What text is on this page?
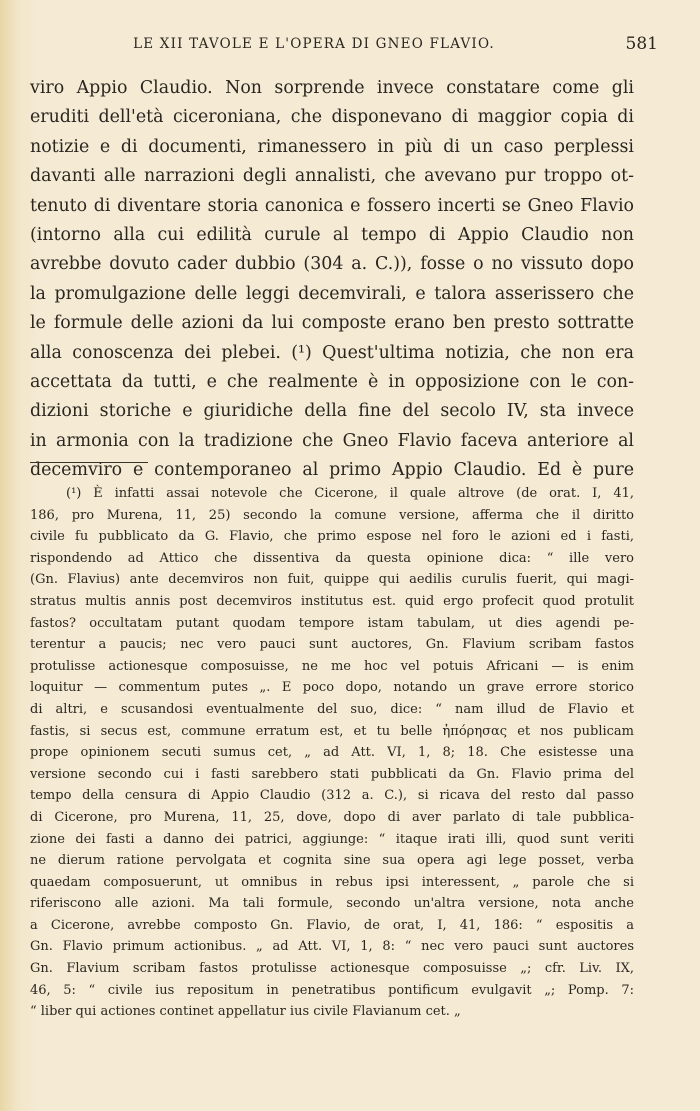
LE XII TAVOLE E L'OPERA DI GNEO FLAVIO.	581
viro Appio Claudio. Non sorprende invece constatare come gli
eruditi dell'età ciceroniana, che disponevano di maggior copia di
notizie e di documenti, rimanessero in più di un caso perplessi
davanti alle narrazioni degli annalisti, che avevano pur troppo ot-
tenuto di diventare storia canonica e fossero incerti se Gneo Flavio
(intorno alla cui edilità curule al tempo di Appio Claudio non
avrebbe dovuto cader dubbio (304 a. C.)), fosse o no vissuto dopo
la promulgazione delle leggi decemvirali, e talora asserissero che
le formule delle azioni da lui composte erano ben presto sottratte
alla conoscenza dei plebei. (¹) Quest'ultima notizia, che non era
accettata da tutti, e che realmente è in opposizione con le con-
dizioni storiche e giuridiche della fine del secolo IV, sta invece
in armonia con la tradizione che Gneo Flavio faceva anteriore al
decemviro e contemporaneo al primo Appio Claudio. Ed è pure
(¹) È infatti assai notevole che Cicerone, il quale altrove (de orat. I, 41,
186, pro Murena, 11, 25) secondo la comune versione, afferma che il diritto
civile fu pubblicato da G. Flavio, che primo espose nel foro le azioni ed i fasti,
rispondendo ad Attico che dissentiva da questa opinione dica: “ ille vero
(Gn. Flavius) ante decemviros non fuit, quippe qui aedilis curulis fuerit, qui magi-
stratus multis annis post decemviros institutus est. quid ergo profecit quod protulit
fastos? occultatam putant quodam tempore istam tabulam, ut dies agendi pe-
terentur a paucis; nec vero pauci sunt auctores, Gn. Flavium scribam fastos
protulisse actionesque composuisse, ne me hoc vel potuis Africani — is enim
loquitur — commentum putes „. E poco dopo, notando un grave errore storico
di altri, e scusandosi eventualmente del suo, dice: “ nam illud de Flavio et
fastis, si secus est, commune erratum est, et tu belle ἠπόρησας et nos publicam
prope opinionem secuti sumus cet, „ ad Att. VI, 1, 8; 18. Che esistesse una
versione secondo cui i fasti sarebbero stati pubblicati da Gn. Flavio prima del
tempo della censura di Appio Claudio (312 a. C.), si ricava del resto dal passo
di Cicerone, pro Murena, 11, 25, dove, dopo di aver parlato di tale pubblica-
zione dei fasti a danno dei patrici, aggiunge: “ itaque irati illi, quod sunt veriti
ne dierum ratione pervolgata et cognita sine sua opera agi lege posset, verba
quaedam composuerunt, ut omnibus in rebus ipsi interessent, „ parole che si
riferiscono alle azioni. Ma tali formule, secondo un'altra versione, nota anche
a Cicerone, avrebbe composto Gn. Flavio, de orat, I, 41, 186: “ espositis a
Gn. Flavio primum actionibus. „ ad Att. VI, 1, 8: “ nec vero pauci sunt auctores
Gn. Flavium scribam fastos protulisse actionesque composuisse „; cfr. Liv. IX,
46, 5: “ civile ius repositum in penetratibus pontificum evulgavit „; Pomp. 7:
“ liber qui actiones continet appellatur ius civile Flavianum cet. „
